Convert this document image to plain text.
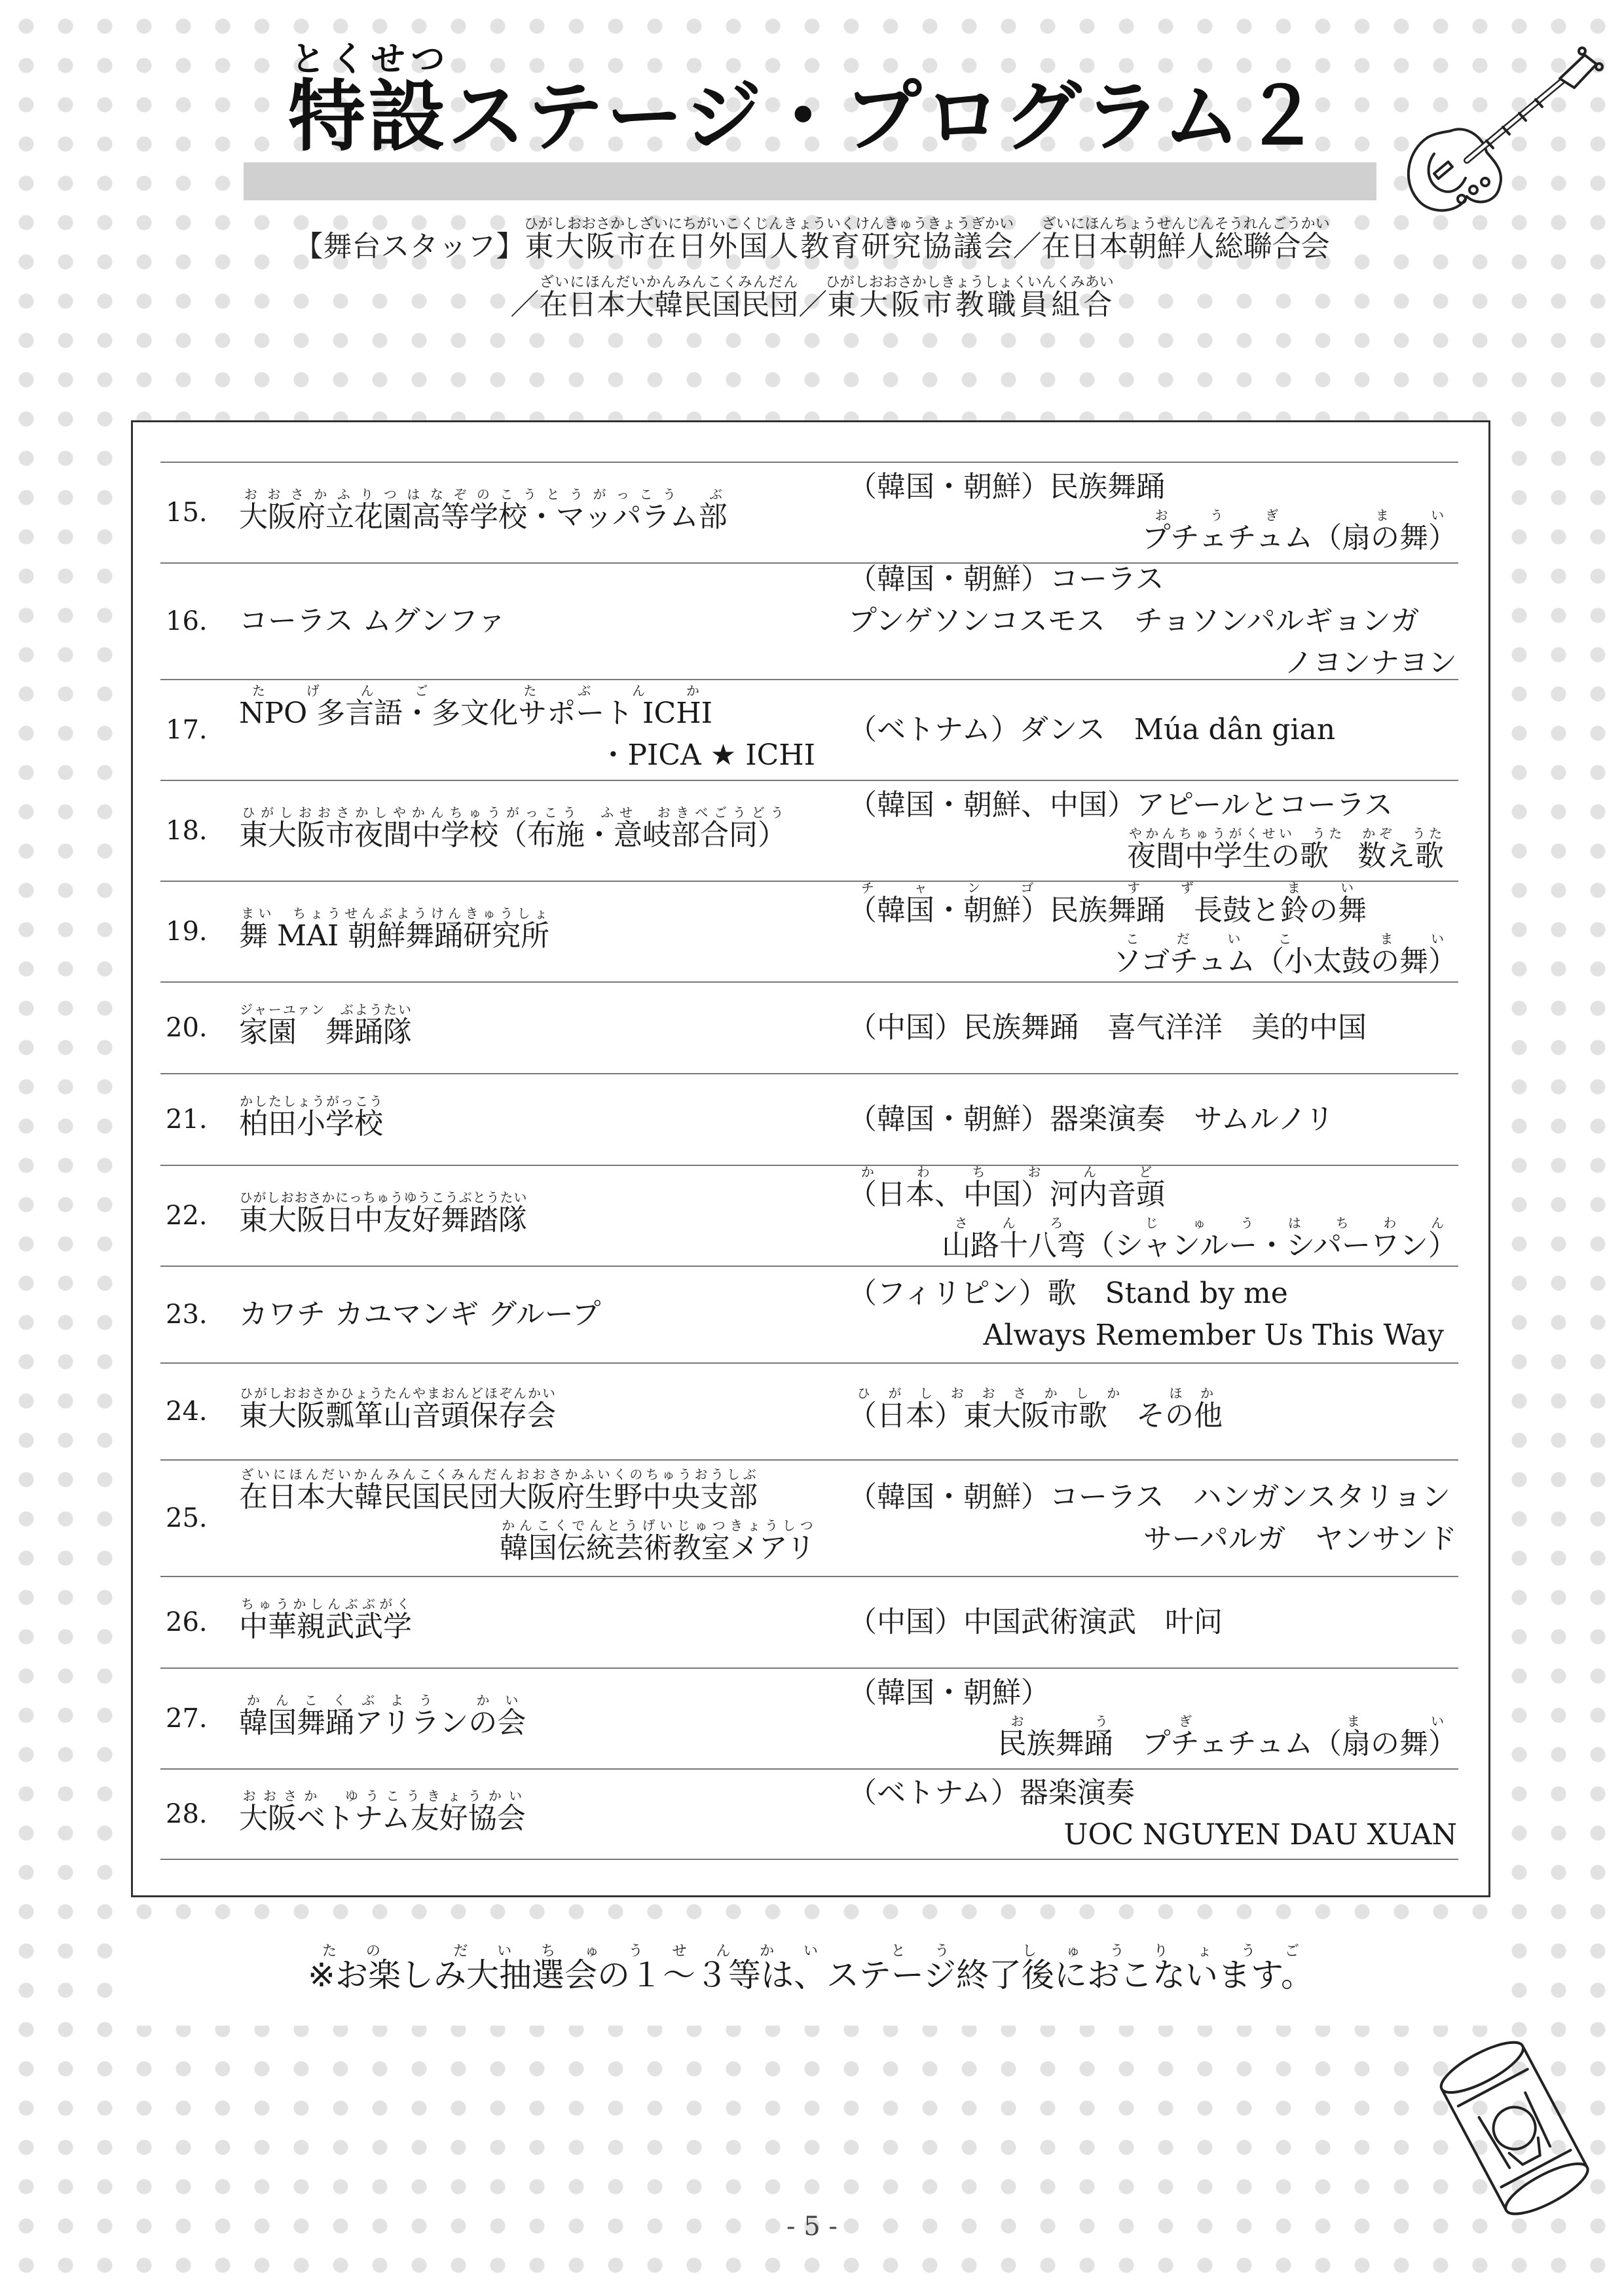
特設とくせつステージ・プログラム２
【舞台スタッフ】東大阪市在日外国人教育研究協議会ひがしおおさかしざいにちがいこくじんきょういくけんきゅうきょうぎかい／在日本朝鮮人総聯合会ざいにほんちょうせんじんそうれんごうかい
／在日本大韓民国民団ざいにほんだいかんみんこくみんだん／東大阪市教職員組合ひがしおおさかしきょうしょくいんくみあい
15.	大阪府立花園高等学校・マッパラム部おおさかふりつはなぞのこうとうがっこう　ぶ	（韓国・朝鮮）民族舞踊
プチェチュム（扇の舞）おうぎ　まい
16.	コーラス ムグンファ
（韓国・朝鮮）コーラス
プンゲソンコスモス　チョソンパルギョンガ
ノヨンナヨン
17.	NPO 多言語・多文化サポート ICHIたげんご　たぶんか
・PICA ★ ICHI
（ベトナム）ダンス　Múa dân gian
18.	東大阪市夜間中学校（布施・意岐部合同）ひがしおおさかしやかんちゅうがっこう　ふせ　おきべごうどう （韓国・朝鮮、中国）アピールとコーラス
夜間中学生の歌　数え歌やかんちゅうがくせい　うた　かぞ　うた
19.	舞 MAI 朝鮮舞踊研究所まい　ちょうせんぶようけんきゅうしょ	（韓国・朝鮮）民族舞踊　長鼓と鈴の舞チャンゴ　すず　まい
ソゴチュム（小太鼓の舞）こだいこ　まい
20.	家園　舞踊隊ジャーユァン　ぶようたい
（中国）民族舞踊　喜气洋洋　美的中国
21.	柏田小学校かしたしょうがっこう
（韓国・朝鮮）器楽演奏　サムルノリ
22.	東大阪日中友好舞踏隊ひがしおおさかにっちゅうゆうこうぶとうたい	（日本、中国）河内音頭かわちおんど
山路十八弯（シャンルー・シパーワン）さんろ　じゅうはちわん
23.	カワチ カユマンギ グループ
（フィリピン）歌　Stand by me
Always Remember Us This Way
24.	東大阪瓢箪山音頭保存会ひがしおおさかひょうたんやまおんどほぞんかい
（日本）東大阪市歌　その他ひがしおおさかしか　ほか
25.
在日本大韓民国民団大阪府生野中央支部ざいにほんだいかんみんこくみんだんおおさかふいくのちゅうおうしぶ
韓国伝統芸術教室メアリかんこくでんとうげいじゅつきょうしつ
（韓国・朝鮮）コーラス　ハンガンスタリョン
サーパルガ　ヤンサンド
26.	中華親武武学ちゅうかしんぶぶがく
（中国）中国武術演武　叶问
27.	韓国舞踊アリランの会かんこくぶよう　かい	（韓国・朝鮮）
民族舞踊　プチェチュム（扇の舞）おうぎ　まい
28.	大阪ベトナム友好協会おおさか　ゆうこうきょうかい	（ベトナム）器楽演奏
UOC NGUYEN DAU XUAN
※お楽しみ大抽選会の１～３等は、ステージ終了後におこないます。たの　だいちゅうせんかい　とう　しゅうりょうご
- 5 -
